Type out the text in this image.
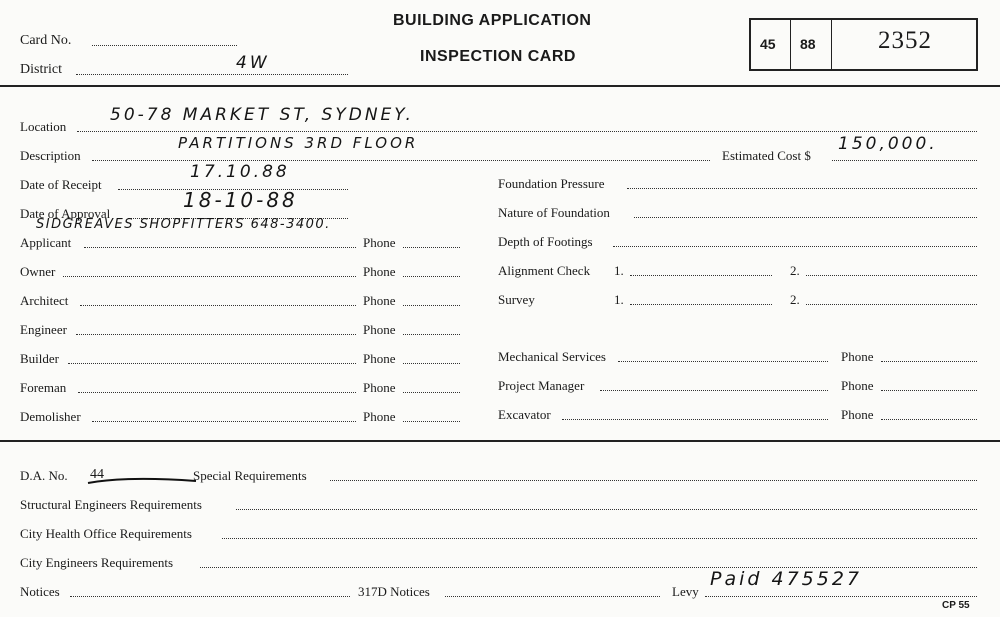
Card No.
District	4W
BUILDING APPLICATION
INSPECTION CARD
45 88 2352
Location
50-78 MARKET ST, SYDNEY.
Description
PARTITIONS 3RD FLOOR
Estimated Cost $
150,000.
Date of Receipt
17.10.88
Date of Approval
18-10-88
SIDGREAVES SHOPFITTERS 648-3400.
Applicant	Phone
Owner	Phone
Architect	Phone
Engineer	Phone
Builder	Phone
Foreman	Phone
Demolisher	Phone
Foundation Pressure
Nature of Foundation
Depth of Footings
Alignment Check 1.	2.
Survey	1.	2.
Mechanical Services	Phone
Project Manager	Phone
Excavator	Phone
D.A. No. 44	Special Requirements
Structural Engineers Requirements
City Health Office Requirements
City Engineers Requirements
Notices	317D Notices	Levy
Paid 475527
CP 55
